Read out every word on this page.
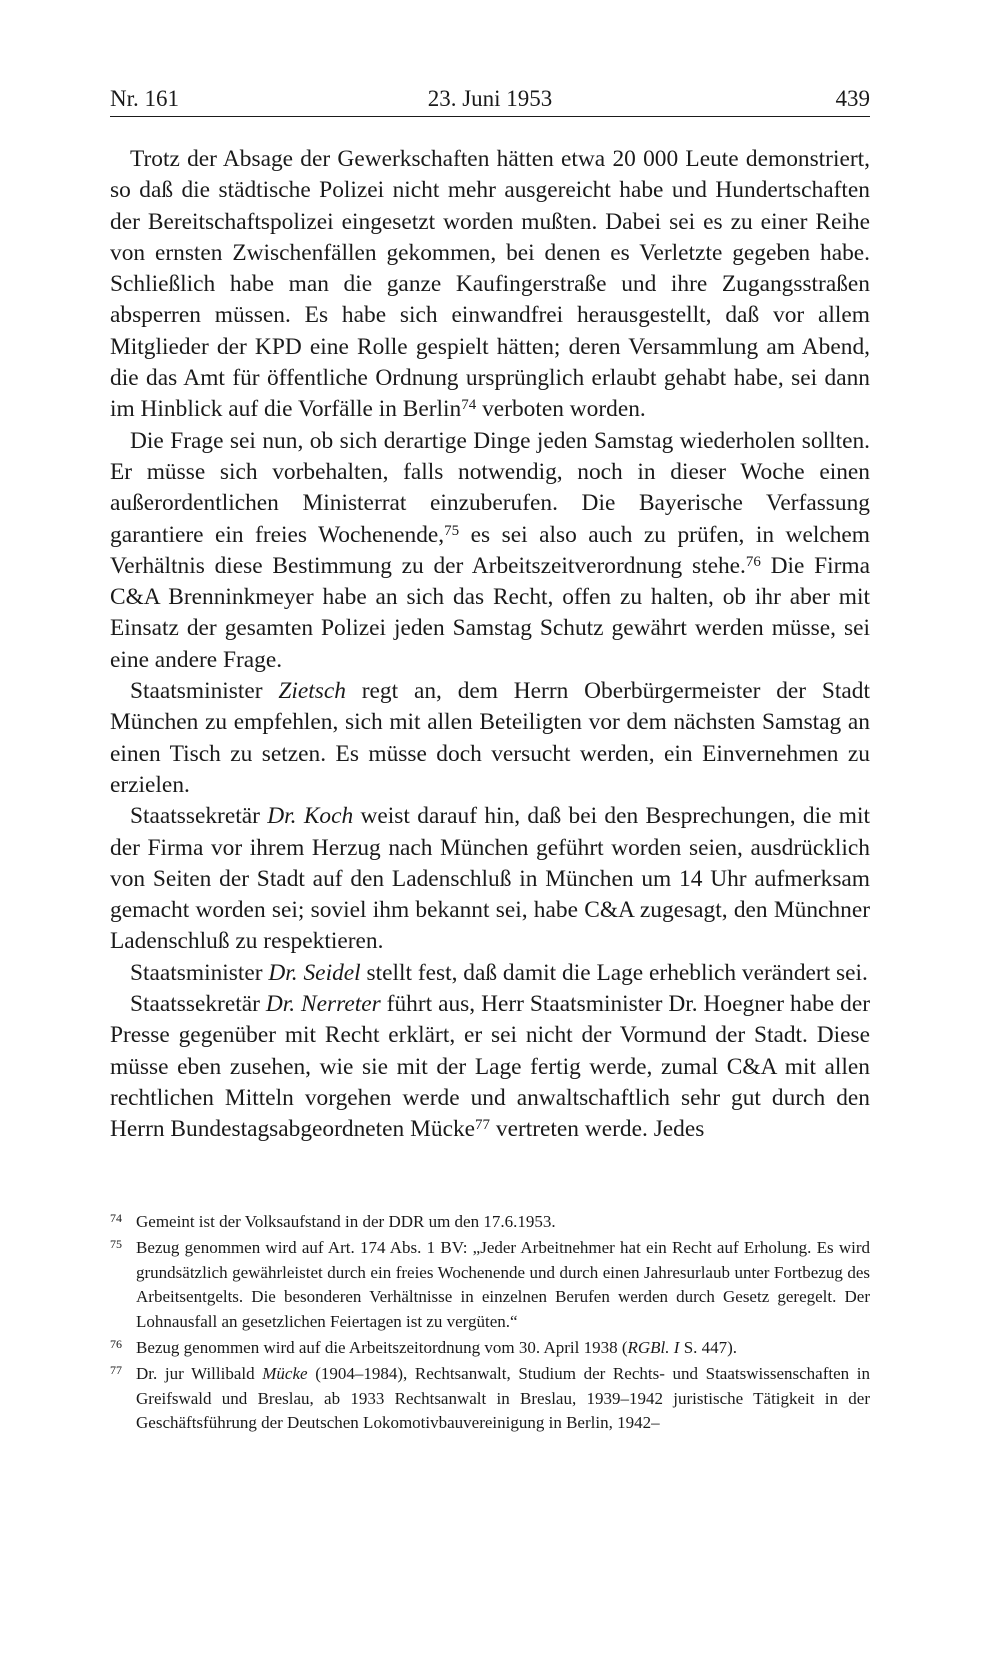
Nr. 161	23. Juni 1953	439

Trotz der Absage der Gewerkschaften hätten etwa 20 000 Leute demonstriert, so daß die städtische Polizei nicht mehr ausgereicht habe und Hundertschaften der Bereitschaftspolizei eingesetzt worden mußten. Dabei sei es zu einer Reihe von ernsten Zwischenfällen gekommen, bei denen es Verletzte gegeben habe. Schließlich habe man die ganze Kaufingerstraße und ihre Zugangsstraßen absperren müssen. Es habe sich einwandfrei herausgestellt, daß vor allem Mitglieder der KPD eine Rolle gespielt hätten; deren Versammlung am Abend, die das Amt für öffentliche Ordnung ursprünglich erlaubt gehabt habe, sei dann im Hinblick auf die Vorfälle in Berlin$^{74}$ verboten worden.

Die Frage sei nun, ob sich derartige Dinge jeden Samstag wiederholen sollten. Er müsse sich vorbehalten, falls notwendig, noch in dieser Woche einen außerordentlichen Ministerrat einzuberufen. Die Bayerische Verfassung garantiere ein freies Wochenende,$^{75}$ es sei also auch zu prüfen, in welchem Verhältnis diese Bestimmung zu der Arbeitszeitverordnung stehe.$^{76}$ Die Firma C&A Brenninkmeyer habe an sich das Recht, offen zu halten, ob ihr aber mit Einsatz der gesamten Polizei jeden Samstag Schutz gewährt werden müsse, sei eine andere Frage.

Staatsminister Zietsch regt an, dem Herrn Oberbürgermeister der Stadt München zu empfehlen, sich mit allen Beteiligten vor dem nächsten Samstag an einen Tisch zu setzen. Es müsse doch versucht werden, ein Einvernehmen zu erzielen.

Staatssekretär Dr. Koch weist darauf hin, daß bei den Besprechungen, die mit der Firma vor ihrem Herzug nach München geführt worden seien, ausdrücklich von Seiten der Stadt auf den Ladenschluß in München um 14 Uhr aufmerksam gemacht worden sei; soviel ihm bekannt sei, habe C&A zugesagt, den Münchner Ladenschluß zu respektieren.

Staatsminister Dr. Seidel stellt fest, daß damit die Lage erheblich verändert sei.

Staatssekretär Dr. Nerreter führt aus, Herr Staatsminister Dr. Hoegner habe der Presse gegenüber mit Recht erklärt, er sei nicht der Vormund der Stadt. Diese müsse eben zusehen, wie sie mit der Lage fertig werde, zumal C&A mit allen rechtlichen Mitteln vorgehen werde und anwaltschaftlich sehr gut durch den Herrn Bundestagsabgeordneten Mücke$^{77}$ vertreten werde. Jedes

74 Gemeint ist der Volksaufstand in der DDR um den 17.6.1953.
75 Bezug genommen wird auf Art. 174 Abs. 1 BV: „Jeder Arbeitnehmer hat ein Recht auf Erholung. Es wird grundsätzlich gewährleistet durch ein freies Wochenende und durch einen Jahresurlaub unter Fortbezug des Arbeitsentgelts. Die besonderen Verhältnisse in einzelnen Berufen werden durch Gesetz geregelt. Der Lohnausfall an gesetzlichen Feiertagen ist zu vergüten.“
76 Bezug genommen wird auf die Arbeitszeitordnung vom 30. April 1938 (RGBl. I S. 447).
77 Dr. jur Willibald Mücke (1904–1984), Rechtsanwalt, Studium der Rechts- und Staatswissenschaften in Greifswald und Breslau, ab 1933 Rechtsanwalt in Breslau, 1939–1942 juristische Tätigkeit in der Geschäftsführung der Deutschen Lokomotivbauvereinigung in Berlin, 1942–
